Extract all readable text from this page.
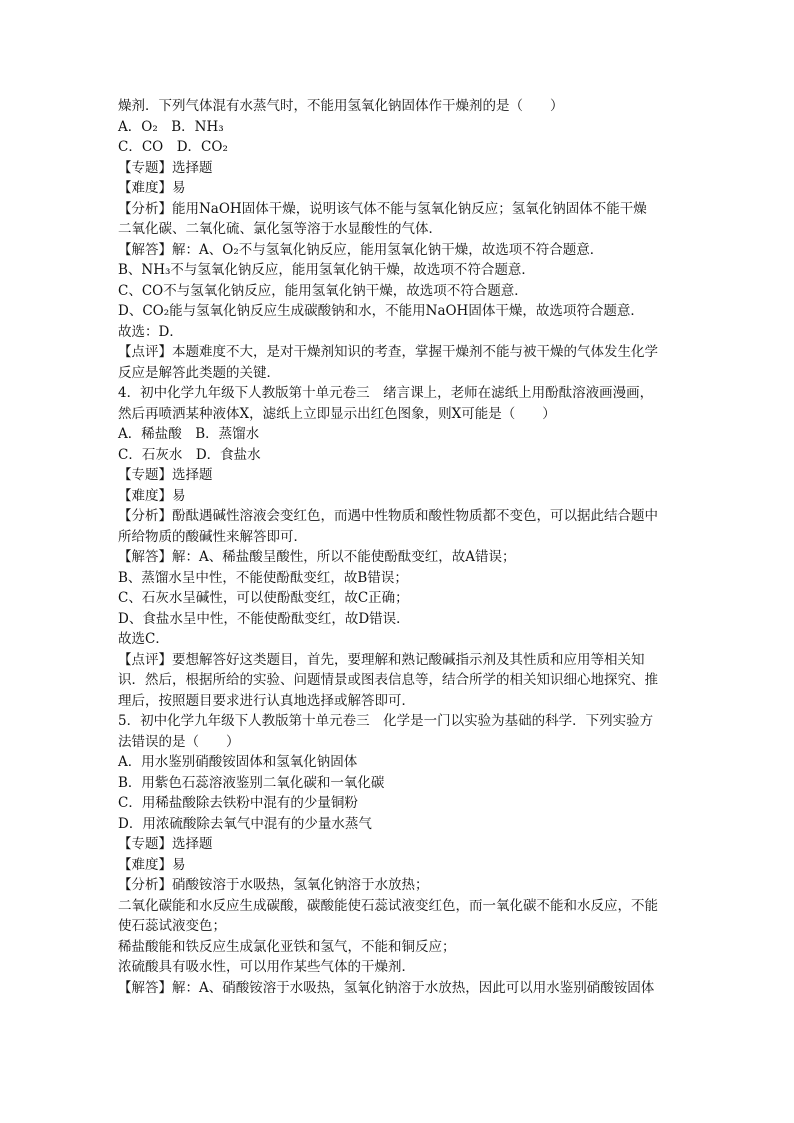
燥剂．下列气体混有水蒸气时，不能用氢氧化钠固体作干燥剂的是（　　）
A．O₂　B．NH₃
C．CO　D．CO₂
【专题】选择题
【难度】易
【分析】能用NaOH固体干燥，说明该气体不能与氢氧化钠反应；氢氧化钠固体不能干燥
二氧化碳、二氧化硫、氯化氢等溶于水显酸性的气体．
【解答】解：A、O₂不与氢氧化钠反应，能用氢氧化钠干燥，故选项不符合题意．
B、NH₃不与氢氧化钠反应，能用氢氧化钠干燥，故选项不符合题意．
C、CO不与氢氧化钠反应，能用氢氧化钠干燥，故选项不符合题意．
D、CO₂能与氢氧化钠反应生成碳酸钠和水，不能用NaOH固体干燥，故选项符合题意．
故选：D．
【点评】本题难度不大，是对干燥剂知识的考查，掌握干燥剂不能与被干燥的气体发生化学
反应是解答此类题的关键．
4．初中化学九年级下人教版第十单元卷三　绪言课上，老师在滤纸上用酚酞溶液画漫画，
然后再喷洒某种液体X，滤纸上立即显示出红色图象，则X可能是（　　）
A．稀盐酸　B．蒸馏水
C．石灰水　D．食盐水
【专题】选择题
【难度】易
【分析】酚酞遇碱性溶液会变红色，而遇中性物质和酸性物质都不变色，可以据此结合题中
所给物质的酸碱性来解答即可．
【解答】解：A、稀盐酸呈酸性，所以不能使酚酞变红，故A错误；
B、蒸馏水呈中性，不能使酚酞变红，故B错误；
C、石灰水呈碱性，可以使酚酞变红，故C正确；
D、食盐水呈中性，不能使酚酞变红，故D错误．
故选C．
【点评】要想解答好这类题目，首先，要理解和熟记酸碱指示剂及其性质和应用等相关知
识．然后，根据所给的实验、问题情景或图表信息等，结合所学的相关知识细心地探究、推
理后，按照题目要求进行认真地选择或解答即可．
5．初中化学九年级下人教版第十单元卷三　化学是一门以实验为基础的科学．下列实验方
法错误的是（　　）
A．用水鉴别硝酸铵固体和氢氧化钠固体
B．用紫色石蕊溶液鉴别二氧化碳和一氧化碳
C．用稀盐酸除去铁粉中混有的少量铜粉
D．用浓硫酸除去氧气中混有的少量水蒸气
【专题】选择题
【难度】易
【分析】硝酸铵溶于水吸热，氢氧化钠溶于水放热；
二氧化碳能和水反应生成碳酸，碳酸能使石蕊试液变红色，而一氧化碳不能和水反应，不能
使石蕊试液变色；
稀盐酸能和铁反应生成氯化亚铁和氢气，不能和铜反应；
浓硫酸具有吸水性，可以用作某些气体的干燥剂．
【解答】解：A、硝酸铵溶于水吸热，氢氧化钠溶于水放热，因此可以用水鉴别硝酸铵固体
